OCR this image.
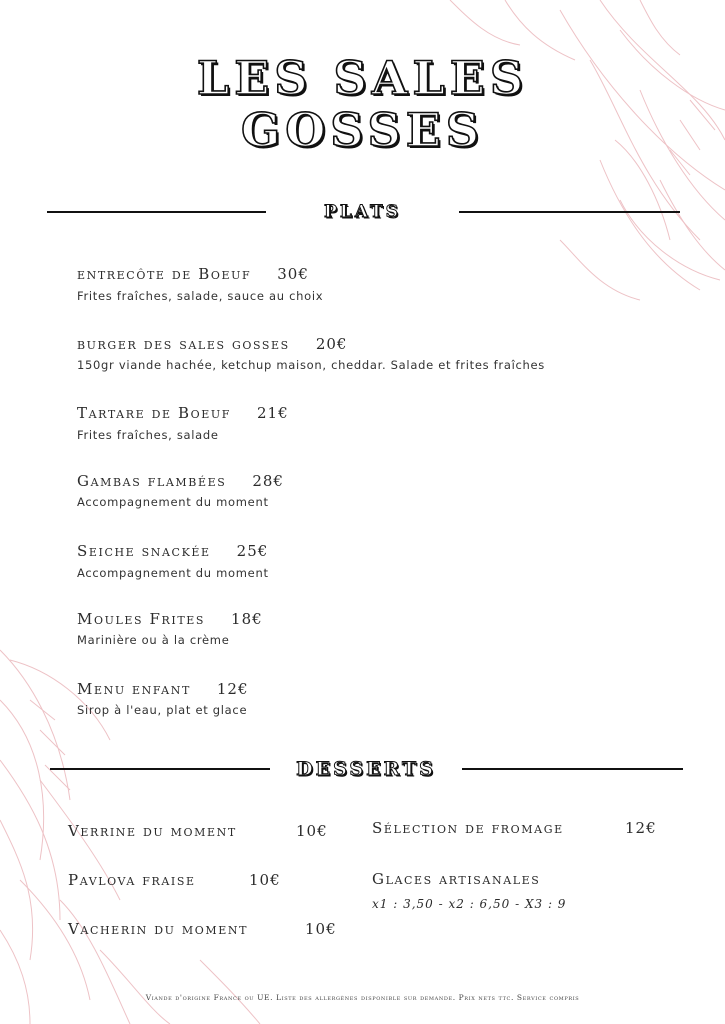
LES SALES
GOSSES
PLATS
entrecôte de Boeuf 30€
Frites fraîches, salade, sauce au choix
burger des sales gosses 20€
150gr viande hachée, ketchup maison, cheddar. Salade et frites fraîches
Tartare de Boeuf 21€
Frites fraîches, salade
Gambas flambées 28€
Accompagnement du moment
Seiche snackée 25€
Accompagnement du moment
Moules Frites 18€
Marinière ou à la crème
Menu enfant 12€
Sirop à l'eau, plat et glace
DESSERTS
Verrine du moment	10€
Pavlova fraise	10€
Vacherin du moment	10€
Sélection de fromage	12€
Glaces artisanales
x1 : 3,50 - x2 : 6,50 - X3 : 9
Viande d'origine France ou UE. Liste des allergènes disponible sur demande. Prix nets ttc. Service compris
